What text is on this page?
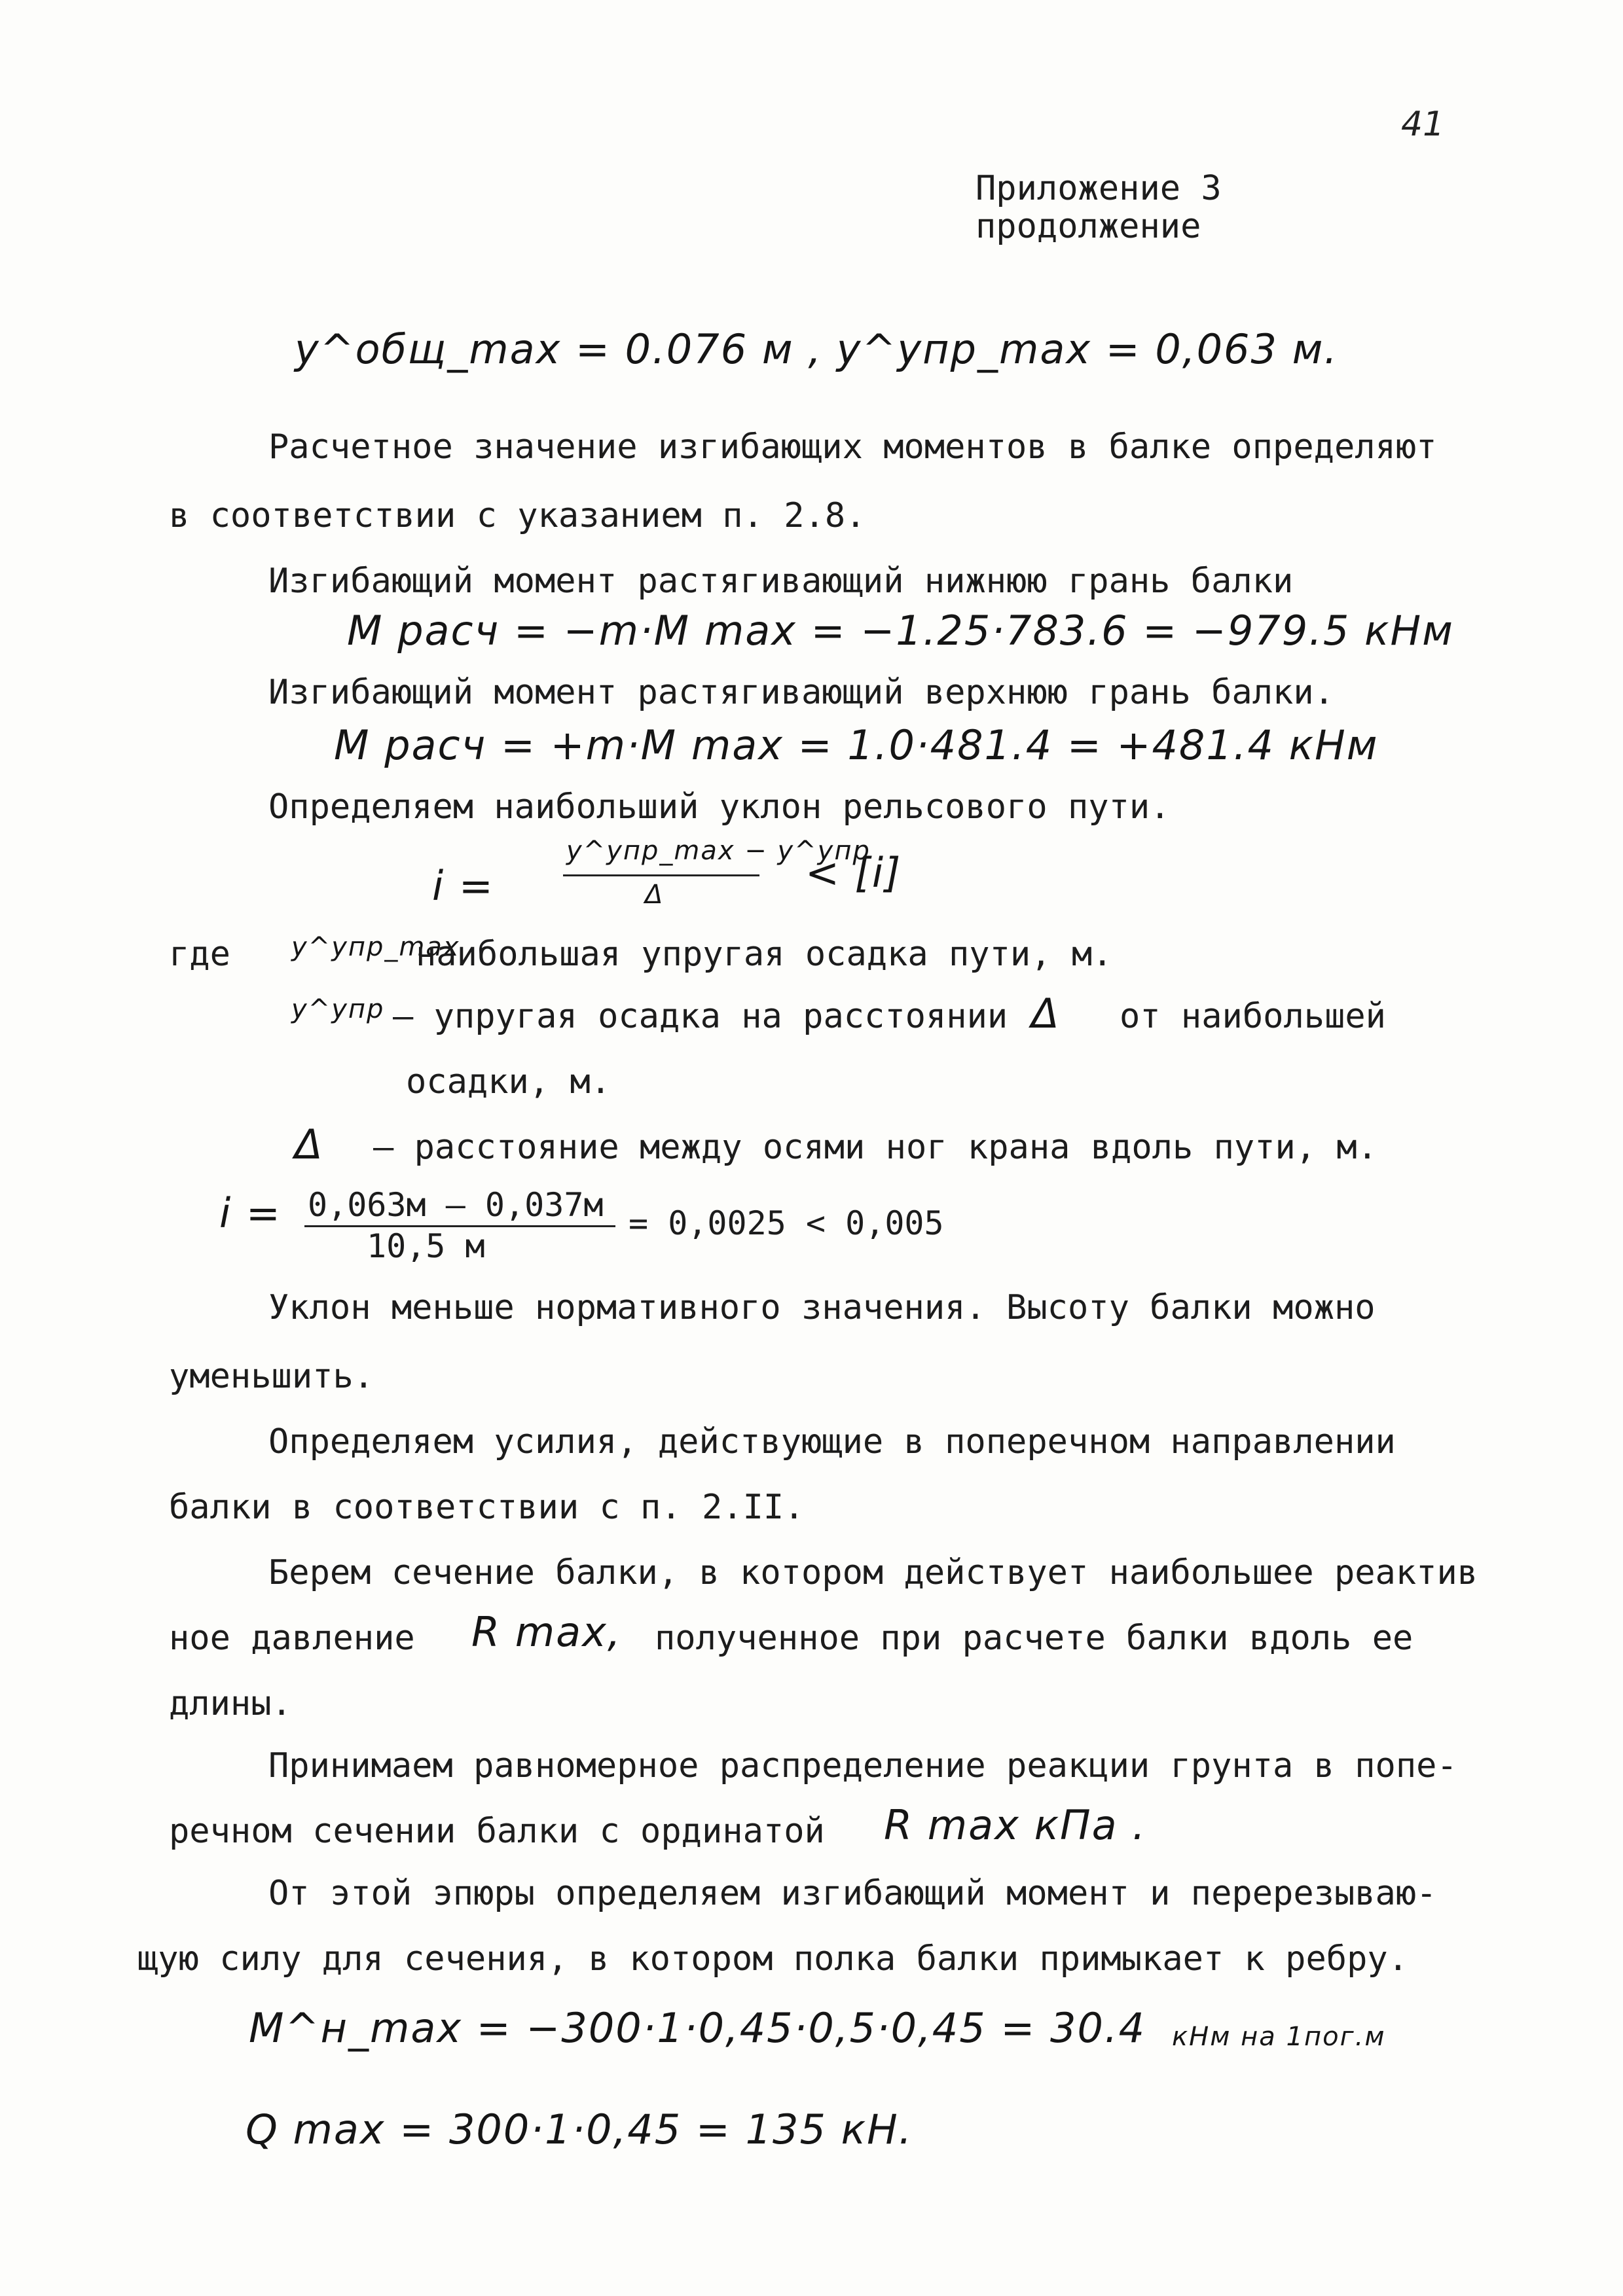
41
Приложение 3
продолжение
y^общ_max = 0.076 м , y^упр_max = 0,063 м.
Расчетное значение изгибающих моментов в балке определяют
в соответствии с указанием п. 2.8.
Изгибающий момент растягивающий нижнюю грань балки
M расч = −m·M max = −1.25·783.6 = −979.5 кНм
Изгибающий момент растягивающий верхнюю грань балки.
M расч = +m·M max = 1.0·481.4 = +481.4 кНм
Определяем наибольший уклон рельсового пути.
i =
y^упр_max − y^упр
Δ	< [i]
где y^упр_max
наибольшая упругая осадка пути, м.
y^упр – упругая осадка на расстоянии Δ от наибольшей
осадки, м.
Δ – расстояние между осями ног крана вдоль пути, м.
i = 0,063м – 0,037м
10,5 м
= 0,0025 < 0,005
Уклон меньше нормативного значения. Высоту балки можно
уменьшить.
Определяем усилия, действующие в поперечном направлении
балки в соответствии с п. 2.II.
Берем сечение балки, в котором действует наибольшее реактив
ное давление R max, полученное при расчете балки вдоль ее
длины.
Принимаем равномерное распределение реакции грунта в попе-
речном сечении балки с ординатой R max кПа .
От этой эпюры определяем изгибающий момент и перерезываю-
щую силу для сечения, в котором полка балки примыкает к ребру.
M^н_max = −300·1·0,45·0,5·0,45 = 30.4 кНм на 1пог.м
Q max = 300·1·0,45 = 135 кН.
